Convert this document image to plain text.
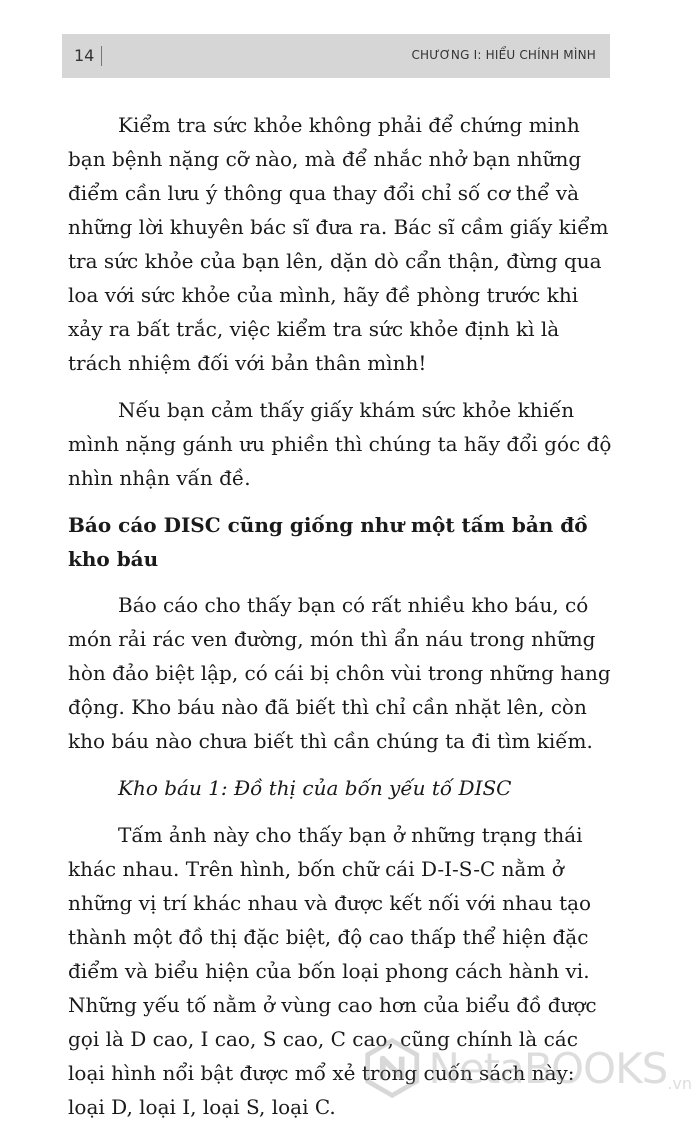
14	CHƯƠNG I: HIỂU CHÍNH MÌNH

Kiểm tra sức khỏe không phải để chứng minh bạn bệnh nặng cỡ nào, mà để nhắc nhở bạn những điểm cần lưu ý thông qua thay đổi chỉ số cơ thể và những lời khuyên bác sĩ đưa ra. Bác sĩ cầm giấy kiểm tra sức khỏe của bạn lên, dặn dò cẩn thận, đừng qua loa với sức khỏe của mình, hãy đề phòng trước khi xảy ra bất trắc, việc kiểm tra sức khỏe định kì là trách nhiệm đối với bản thân mình!

Nếu bạn cảm thấy giấy khám sức khỏe khiến mình nặng gánh ưu phiền thì chúng ta hãy đổi góc độ nhìn nhận vấn đề.

Báo cáo DISC cũng giống như một tấm bản đồ kho báu

Báo cáo cho thấy bạn có rất nhiều kho báu, có món rải rác ven đường, món thì ẩn náu trong những hòn đảo biệt lập, có cái bị chôn vùi trong những hang động. Kho báu nào đã biết thì chỉ cần nhặt lên, còn kho báu nào chưa biết thì cần chúng ta đi tìm kiếm.

Kho báu 1: Đồ thị của bốn yếu tố DISC

Tấm ảnh này cho thấy bạn ở những trạng thái khác nhau. Trên hình, bốn chữ cái D-I-S-C nằm ở những vị trí khác nhau và được kết nối với nhau tạo thành một đồ thị đặc biệt, độ cao thấp thể hiện đặc điểm và biểu hiện của bốn loại phong cách hành vi. Những yếu tố nằm ở vùng cao hơn của biểu đồ được gọi là D cao, I cao, S cao, C cao, cũng chính là các loại hình nổi bật được mổ xẻ trong cuốn sách này: loại D, loại I, loại S, loại C.

NetaBOOKS.vn
